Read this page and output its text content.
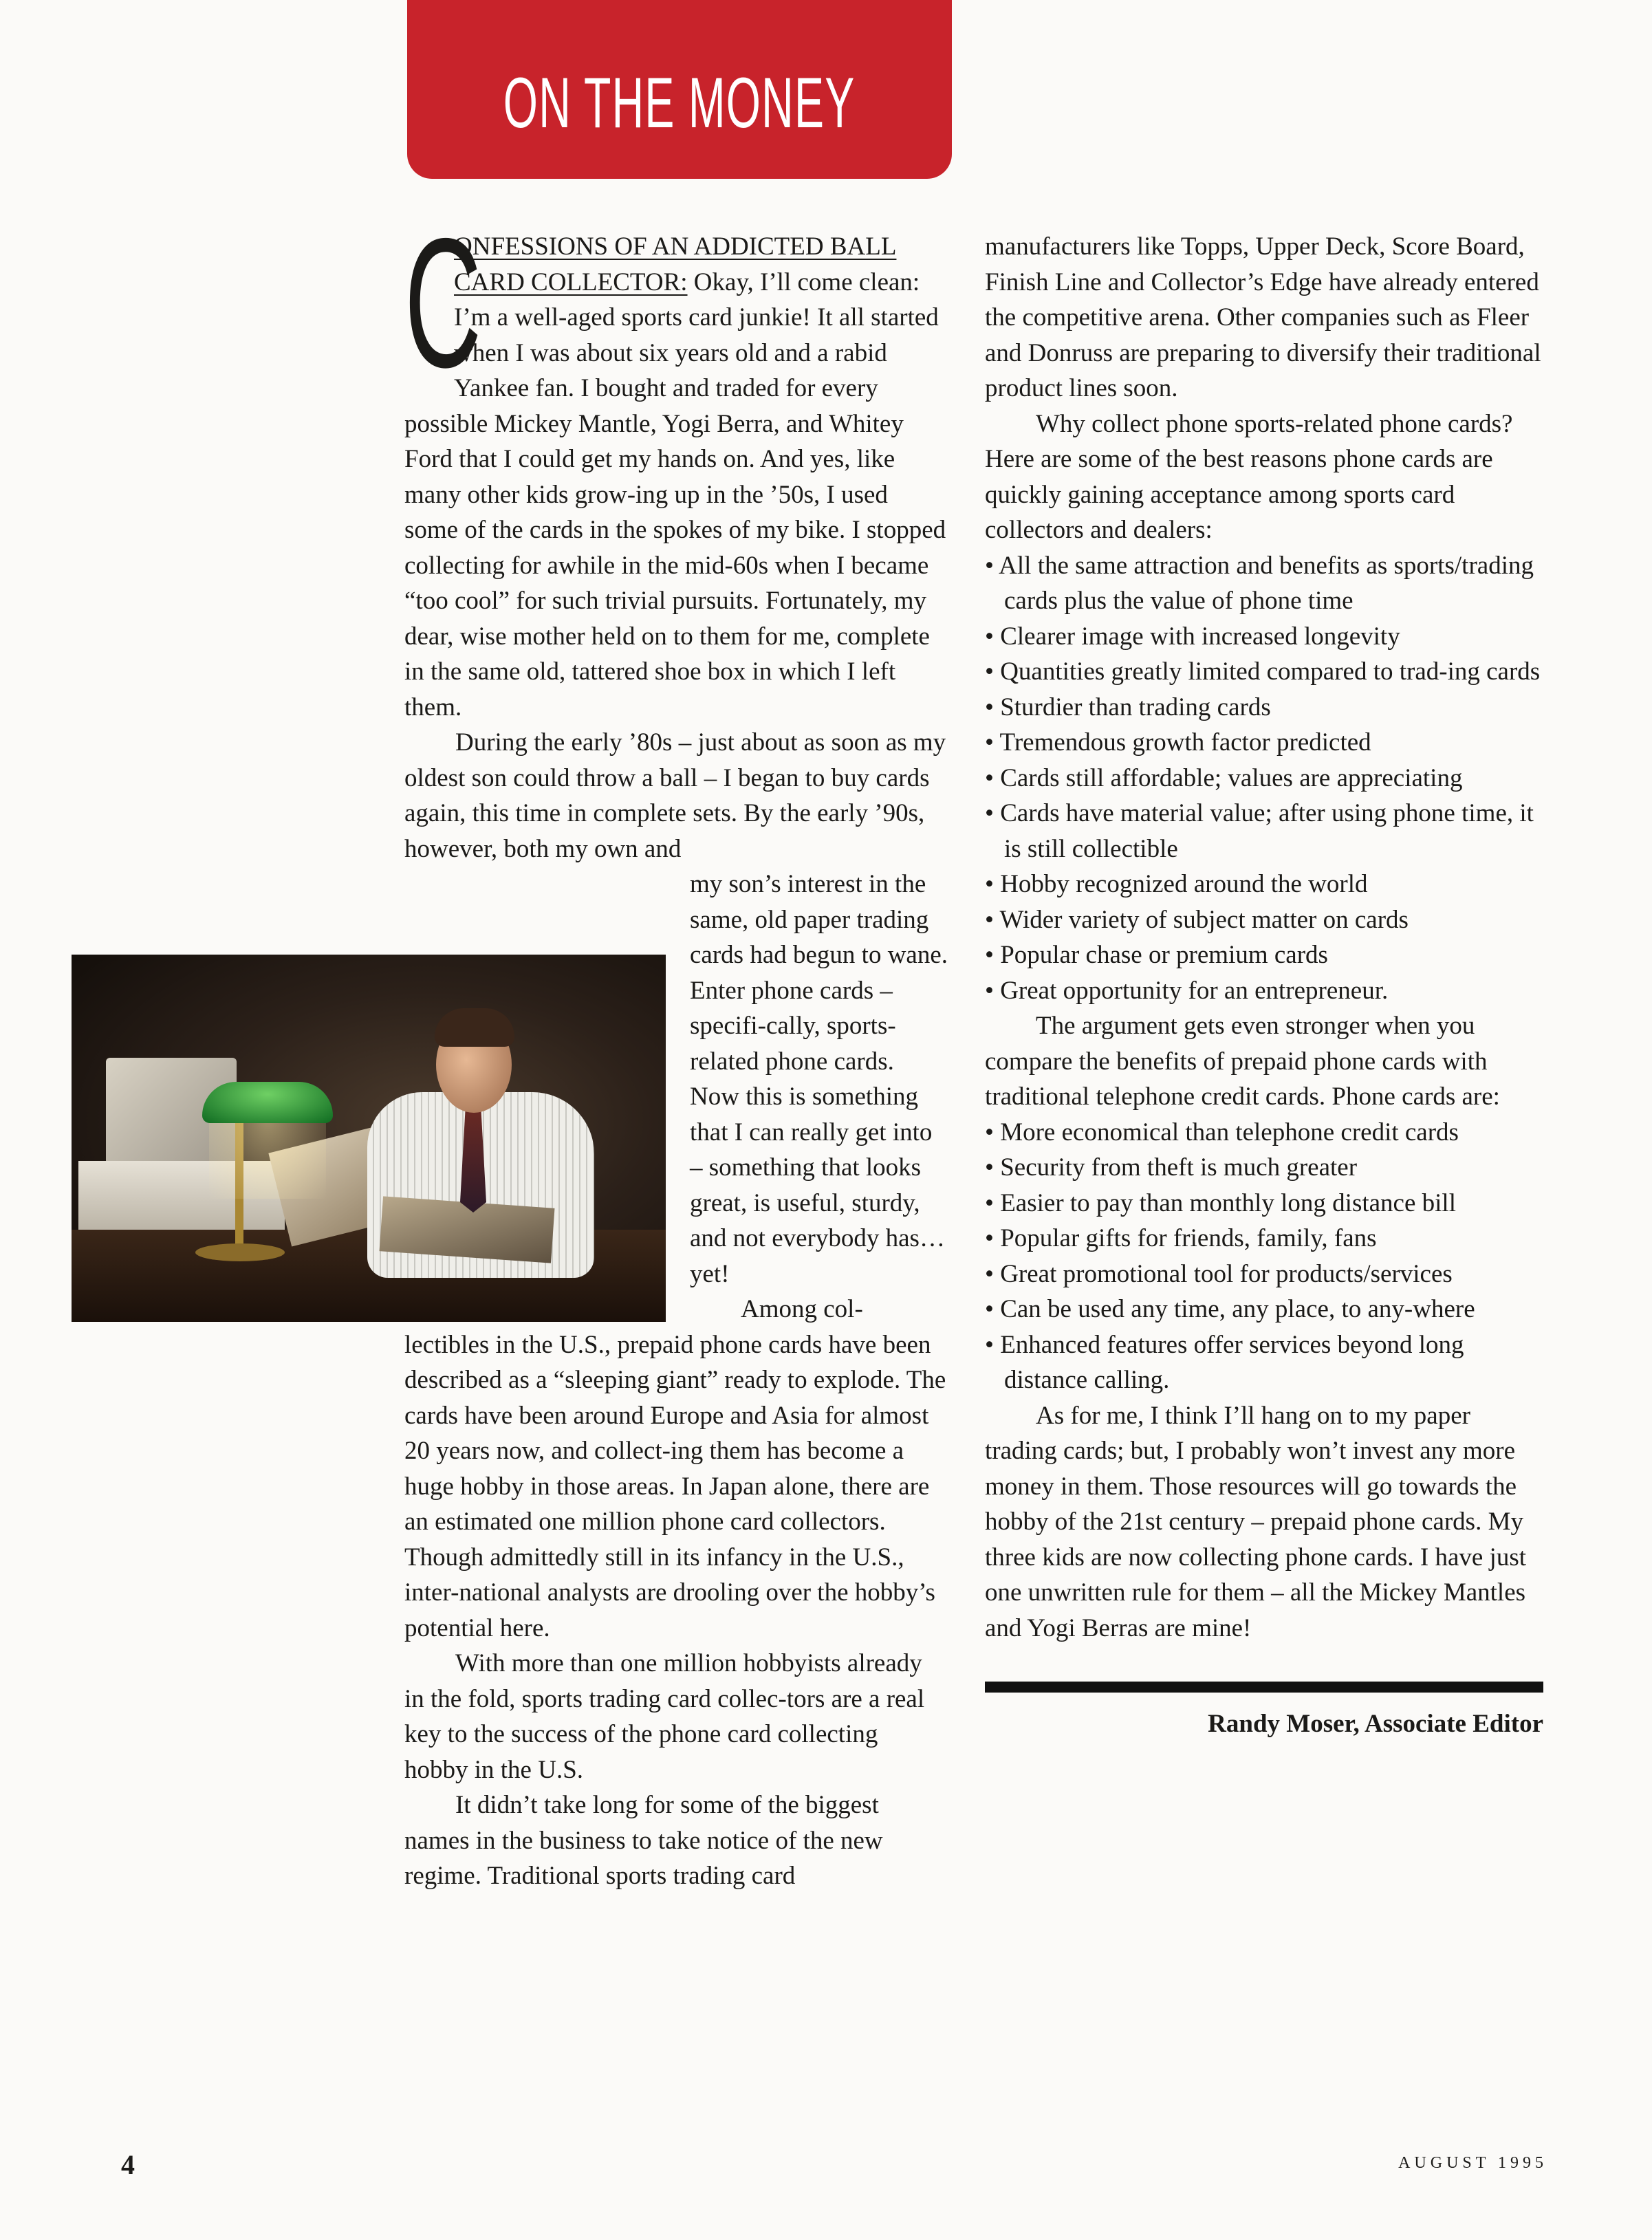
ON THE MONEY

C
ONFESSIONS OF AN ADDICTED BALL CARD COLLECTOR: Okay, I’ll come clean: I’m a well-aged sports card junkie! It all started when I was about six years old and a rabid Yankee fan. I bought and traded for every possible Mickey Mantle, Yogi Berra, and Whitey Ford that I could get my hands on. And yes, like many other kids grow-ing up in the ’50s, I used some of the cards in the spokes of my bike. I stopped collecting for awhile in the mid-60s when I became “too cool” for such trivial pursuits. Fortunately, my dear, wise mother held on to them for me, complete in the same old, tattered shoe box in which I left them.

During the early ’80s – just about as soon as my oldest son could throw a ball – I began to buy cards again, this time in complete sets. By the early ’90s, however, both my own and

my son’s interest in the same, old paper trading cards had begun to wane. Enter phone cards – specifi-cally, sports-related phone cards. Now this is something that I can really get into – something that looks great, is useful, sturdy, and not everybody has…yet!

Among col-

lectibles in the U.S., prepaid phone cards have been described as a “sleeping giant” ready to explode. The cards have been around Europe and Asia for almost 20 years now, and collect-ing them has become a huge hobby in those areas. In Japan alone, there are an estimated one million phone card collectors. Though admittedly still in its infancy in the U.S., inter-national analysts are drooling over the hobby’s potential here.

With more than one million hobbyists already in the fold, sports trading card collec-tors are a real key to the success of the phone card collecting hobby in the U.S.

It didn’t take long for some of the biggest names in the business to take notice of the new regime. Traditional sports trading card

manufacturers like Topps, Upper Deck, Score Board, Finish Line and Collector’s Edge have already entered the competitive arena. Other companies such as Fleer and Donruss are preparing to diversify their traditional product lines soon.

Why collect phone sports-related phone cards? Here are some of the best reasons phone cards are quickly gaining acceptance among sports card collectors and dealers:

• All the same attraction and benefits as sports/trading cards plus the value of phone time

• Clearer image with increased longevity

• Quantities greatly limited compared to trad-ing cards

• Sturdier than trading cards

• Tremendous growth factor predicted

• Cards still affordable; values are appreciating

• Cards have material value; after using phone time, it is still collectible

• Hobby recognized around the world

• Wider variety of subject matter on cards

• Popular chase or premium cards

• Great opportunity for an entrepreneur.

The argument gets even stronger when you compare the benefits of prepaid phone cards with traditional telephone credit cards. Phone cards are:

• More economical than telephone credit cards

• Security from theft is much greater

• Easier to pay than monthly long distance bill

• Popular gifts for friends, family, fans

• Great promotional tool for products/services

• Can be used any time, any place, to any-where

• Enhanced features offer services beyond long distance calling.

As for me, I think I’ll hang on to my paper trading cards; but, I probably won’t invest any more money in them. Those resources will go towards the hobby of the 21st century – prepaid phone cards. My three kids are now collecting phone cards. I have just one unwritten rule for them – all the Mickey Mantles and Yogi Berras are mine!

Randy Moser, Associate Editor

4	AUGUST 1995
